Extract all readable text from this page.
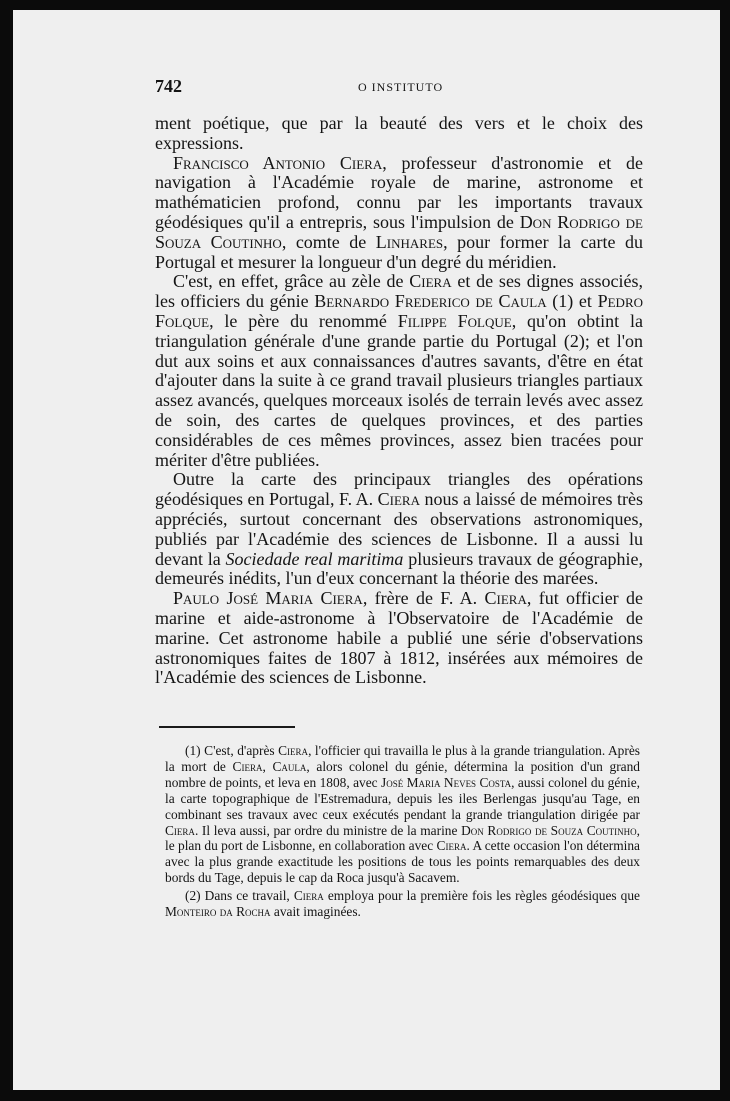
742	O INSTITUTO

ment poétique, que par la beauté des vers et le choix des expressions.

Francisco Antonio Ciera, professeur d'astronomie et de navigation à l'Académie royale de marine, astronome et mathématicien profond, connu par les importants travaux géodésiques qu'il a entrepris, sous l'impulsion de Don Rodrigo de Souza Coutinho, comte de Linhares, pour former la carte du Portugal et mesurer la longueur d'un degré du méridien.

C'est, en effet, grâce au zèle de Ciera et de ses dignes associés, les officiers du génie Bernardo Frederico de Caula (1) et Pedro Folque, le père du renommé Filippe Folque, qu'on obtint la triangulation générale d'une grande partie du Portugal (2); et l'on dut aux soins et aux connaissances d'autres savants, d'être en état d'ajouter dans la suite à ce grand travail plusieurs triangles partiaux assez avancés, quelques morceaux isolés de terrain levés avec assez de soin, des cartes de quelques provinces, et des parties considérables de ces mêmes provinces, assez bien tracées pour mériter d'être publiées.

Outre la carte des principaux triangles des opérations géodésiques en Portugal, F. A. Ciera nous a laissé de mémoires très appréciés, surtout concernant des observations astronomiques, publiés par l'Académie des sciences de Lisbonne. Il a aussi lu devant la Sociedade real maritima plusieurs travaux de géographie, demeurés inédits, l'un d'eux concernant la théorie des marées.

Paulo José Maria Ciera, frère de F. A. Ciera, fut officier de marine et aide-astronome à l'Observatoire de l'Académie de marine. Cet astronome habile a publié une série d'observations astronomiques faites de 1807 à 1812, insérées aux mémoires de l'Académie des sciences de Lisbonne.

(1) C'est, d'après Ciera, l'officier qui travailla le plus à la grande triangulation. Après la mort de Ciera, Caula, alors colonel du génie, détermina la position d'un grand nombre de points, et leva en 1808, avec José Maria Neves Costa, aussi colonel du génie, la carte topographique de l'Estremadura, depuis les iles Berlengas jusqu'au Tage, en combinant ses travaux avec ceux exécutés pendant la grande triangulation dirigée par Ciera. Il leva aussi, par ordre du ministre de la marine Don Rodrigo de Souza Coutinho, le plan du port de Lisbonne, en collaboration avec Ciera. A cette occasion l'on détermina avec la plus grande exactitude les positions de tous les points remarquables des deux bords du Tage, depuis le cap da Roca jusqu'à Sacavem.

(2) Dans ce travail, Ciera employa pour la première fois les règles géodésiques que Monteiro da Rocha avait imaginées.
